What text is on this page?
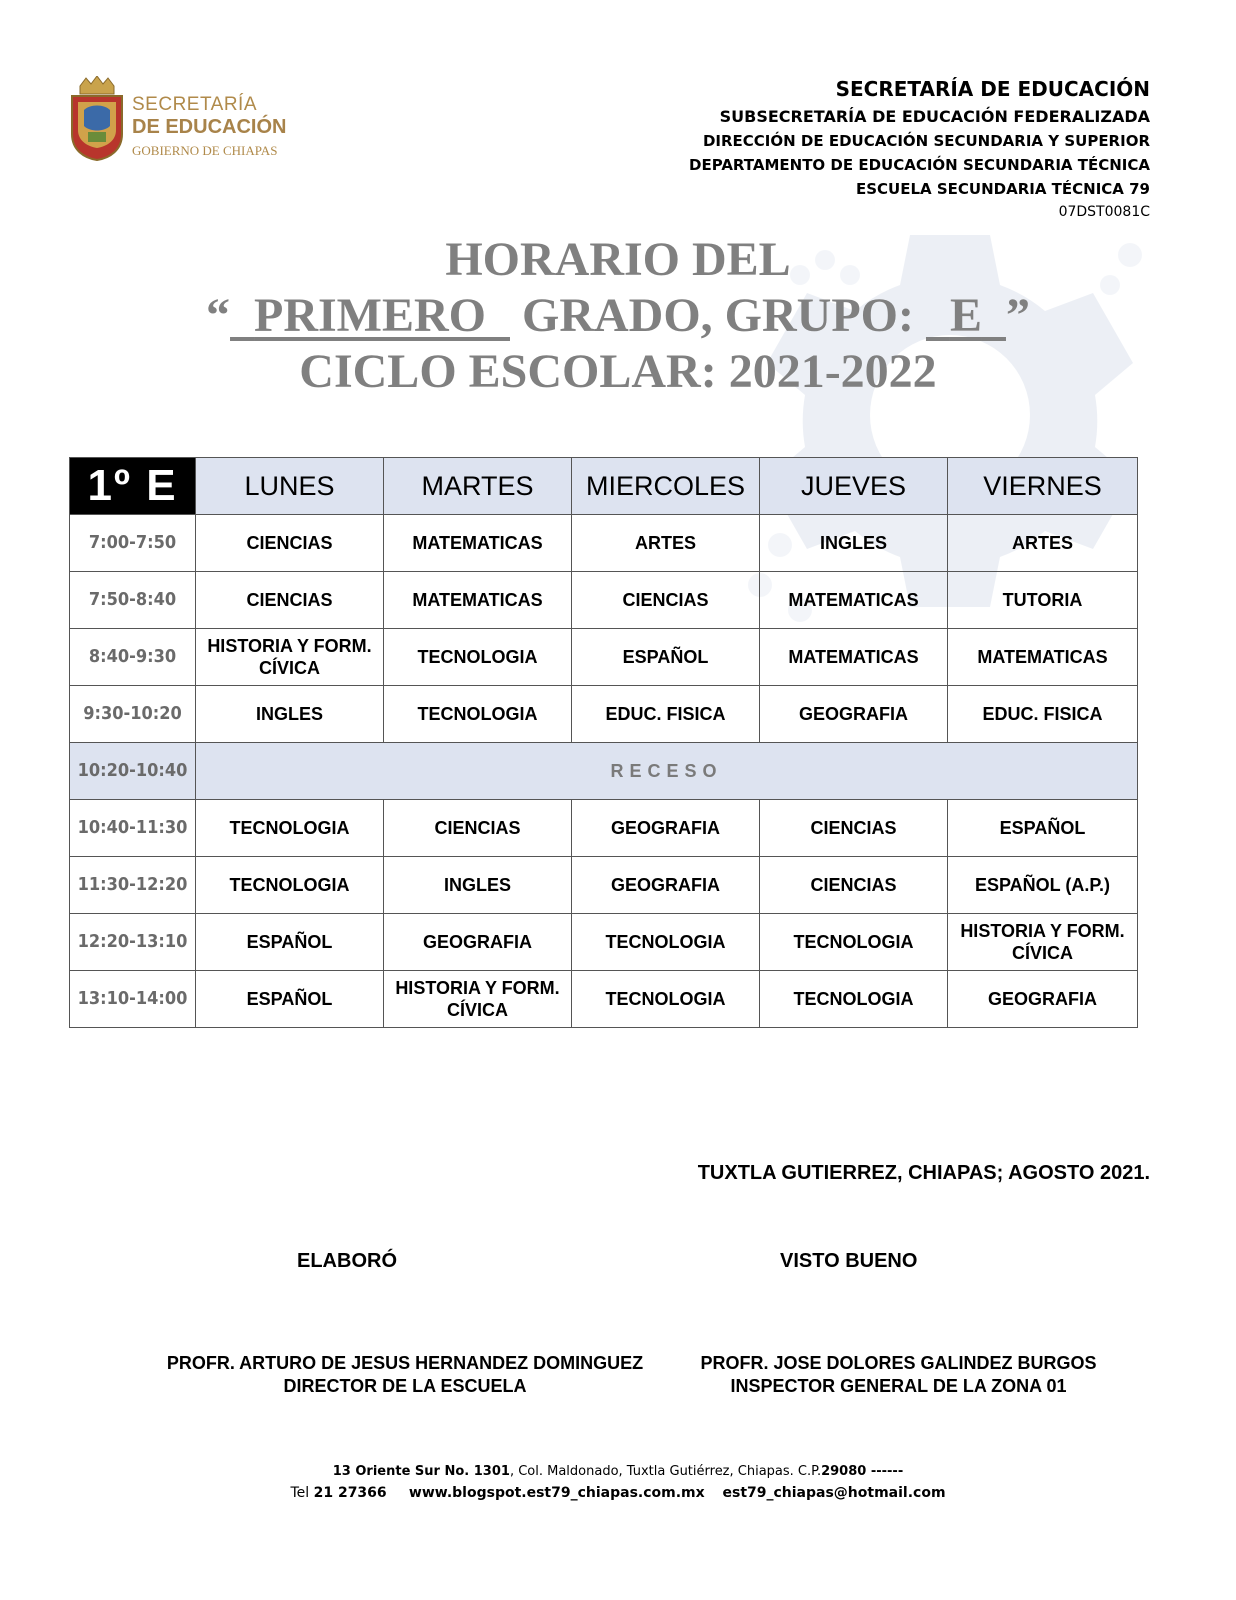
SECRETARÍA
DE EDUCACIÓN
GOBIERNO DE CHIAPAS
SECRETARÍA DE EDUCACIÓN
SUBSECRETARÍA DE EDUCACIÓN FEDERALIZADA
DIRECCIÓN DE EDUCACIÓN SECUNDARIA Y SUPERIOR
DEPARTAMENTO DE EDUCACIÓN SECUNDARIA TÉCNICA
ESCUELA SECUNDARIA TÉCNICA 79
07DST0081C
HORARIO DEL
“ PRIMERO GRADO, GRUPO: E ”
CICLO ESCOLAR: 2021-2022
1º E	LUNES	MARTES	MIERCOLES	JUEVES	VIERNES
7:00-7:50	CIENCIAS	MATEMATICAS	ARTES	INGLES	ARTES
7:50-8:40	CIENCIAS	MATEMATICAS	CIENCIAS	MATEMATICAS	TUTORIA
8:40-9:30	HISTORIA Y FORM. CÍVICA	TECNOLOGIA	ESPAÑOL	MATEMATICAS	MATEMATICAS
9:30-10:20	INGLES	TECNOLOGIA	EDUC. FISICA	GEOGRAFIA	EDUC. FISICA
10:20-10:40	RECESO				
10:40-11:30	TECNOLOGIA	CIENCIAS	GEOGRAFIA	CIENCIAS	ESPAÑOL
11:30-12:20	TECNOLOGIA	INGLES	GEOGRAFIA	CIENCIAS	ESPAÑOL (A.P.)
12:20-13:10	ESPAÑOL	GEOGRAFIA	TECNOLOGIA	TECNOLOGIA	HISTORIA Y FORM. CÍVICA
13:10-14:00	ESPAÑOL	HISTORIA Y FORM. CÍVICA	TECNOLOGIA	TECNOLOGIA	GEOGRAFIA
TUXTLA GUTIERREZ, CHIAPAS; AGOSTO 2021.
ELABORÓ	VISTO BUENO
PROFR. ARTURO DE JESUS HERNANDEZ DOMINGUEZ
DIRECTOR DE LA ESCUELA
PROFR. JOSE DOLORES GALINDEZ BURGOS
INSPECTOR GENERAL DE LA ZONA 01
13 Oriente Sur No. 1301, Col. Maldonado, Tuxtla Gutiérrez, Chiapas. C.P.29080 ------
Tel 21 27366 www.blogspot.est79_chiapas.com.mx est79_chiapas@hotmail.com
